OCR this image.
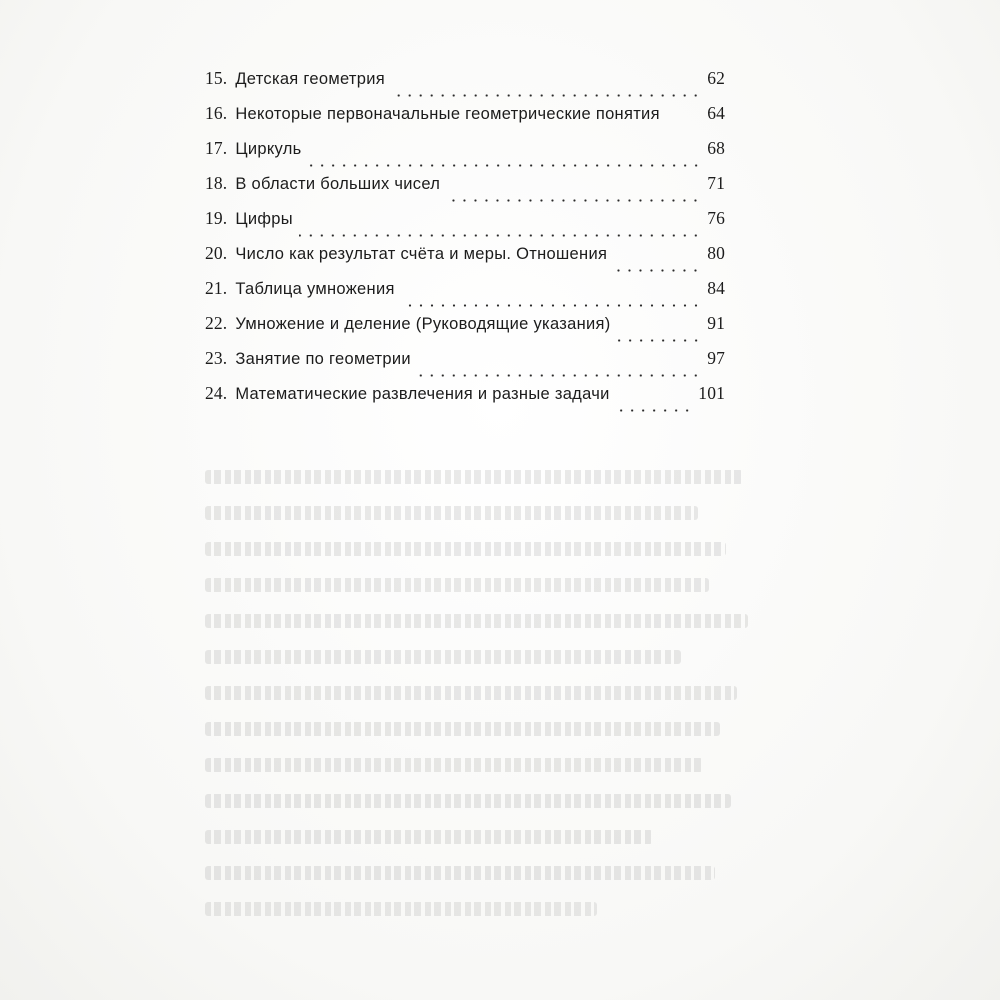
15. Детская геометрия	62
16. Некоторые первоначальные геометрические понятия	64
17. Циркуль	68
18. В области больших чисел	71
19. Цифры	76
20. Число как результат счёта и меры. Отношения	80
21. Таблица умножения	84
22. Умножение и деление (Руководящие указания)	91
23. Занятие по геометрии	97
24. Математические развлечения и разные задачи	101
